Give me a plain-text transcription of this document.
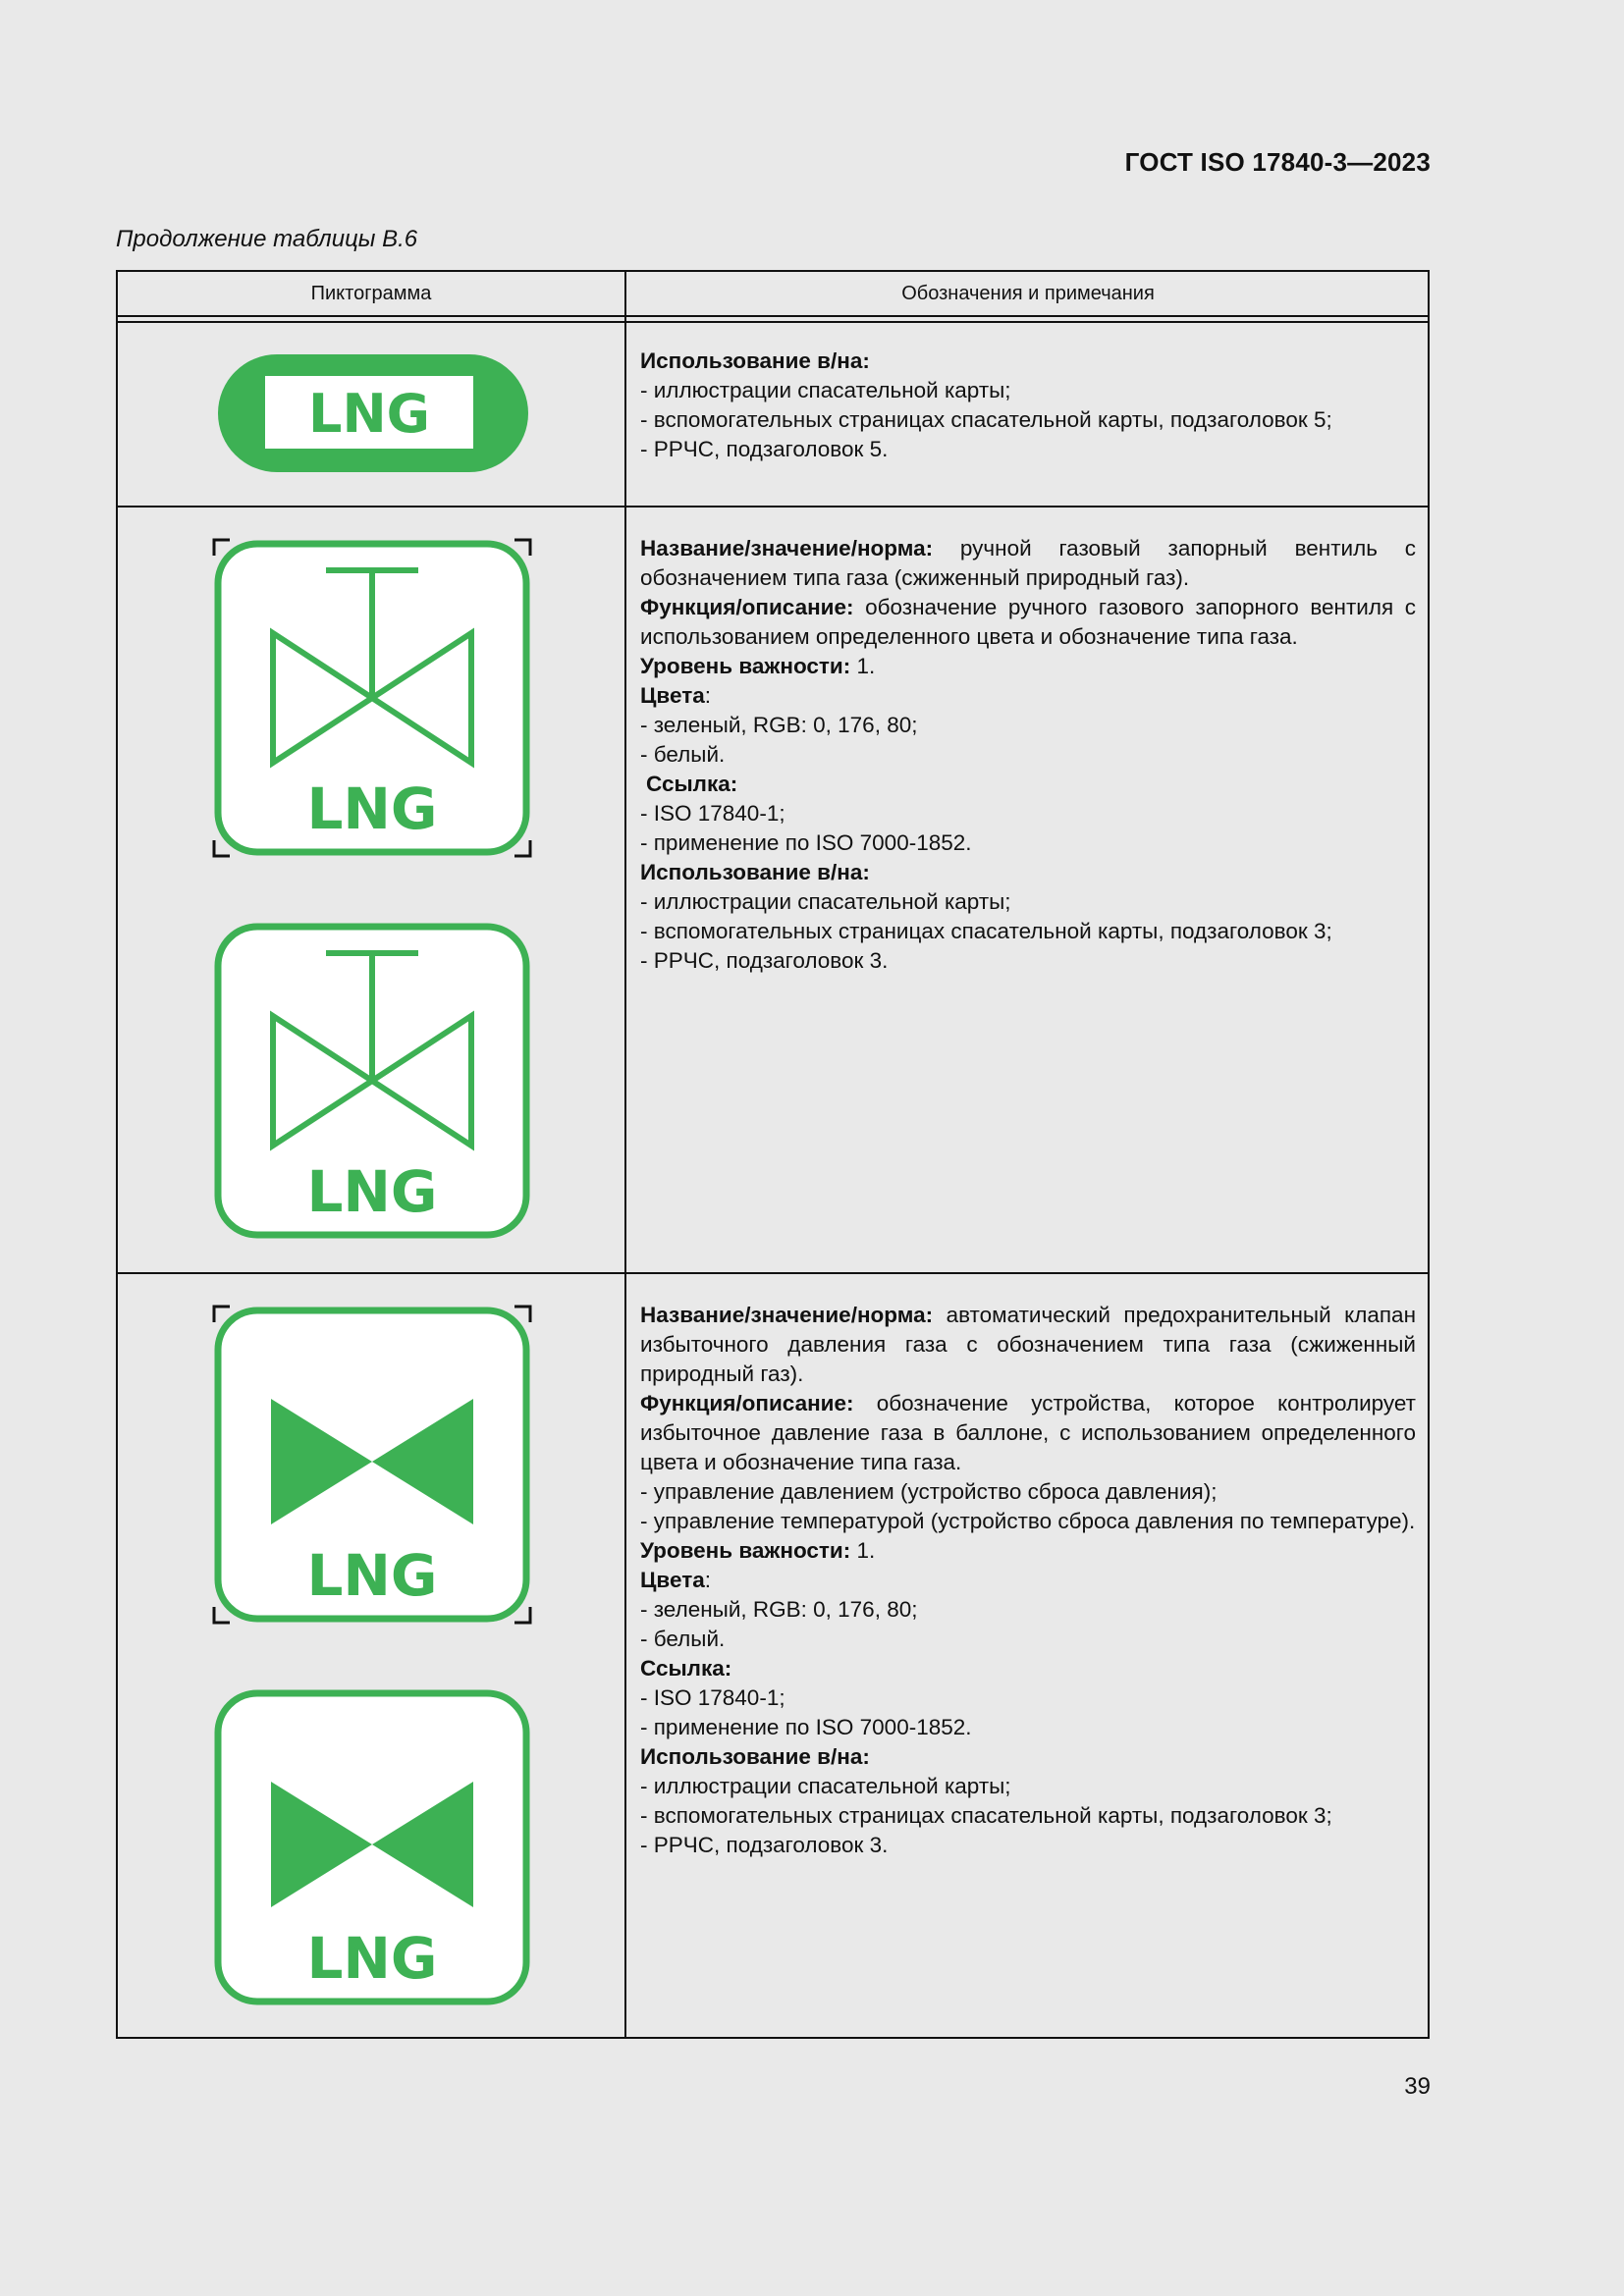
ГОСТ ISO 17840-3—2023
Продолжение таблицы В.6
Пиктограмма	Обозначения и примечания
LNG

Использование в/на:

- иллюстрации спасательной карты;

- вспомогательных страницах спасательной карты, подзаголовок 5;

- РРЧС, подзаголовок 5.

LNG
LNG

Название/значение/норма: ручной газовый запорный вентиль с обозначением типа газа (сжиженный природный газ).

Функция/описание: обозначение ручного газового запорного вентиля с использованием определенного цвета и обозначение типа газа.

Уровень важности: 1.

Цвета:

- зеленый, RGB: 0, 176, 80;

- белый.

Ссылка:

- ISO 17840-1;

- применение по ISO 7000-1852.

Использование в/на:

- иллюстрации спасательной карты;

- вспомогательных страницах спасательной карты, подзаголовок 3;

- РРЧС, подзаголовок 3.

LNG
LNG

Название/значение/норма: автоматический предохранительный клапан избыточного давления газа с обозначением типа газа (сжиженный природный газ).

Функция/описание: обозначение устройства, которое контролирует избыточное давление газа в баллоне, с использованием определенного цвета и обозначение типа газа.

- управление давлением (устройство сброса давления);

- управление температурой (устройство сброса давления по температуре).

Уровень важности: 1.

Цвета:

- зеленый, RGB: 0, 176, 80;

- белый.

Ссылка:

- ISO 17840-1;

- применение по ISO 7000-1852.

Использование в/на:

- иллюстрации спасательной карты;

- вспомогательных страницах спасательной карты, подзаголовок 3;

- РРЧС, подзаголовок 3.

39
